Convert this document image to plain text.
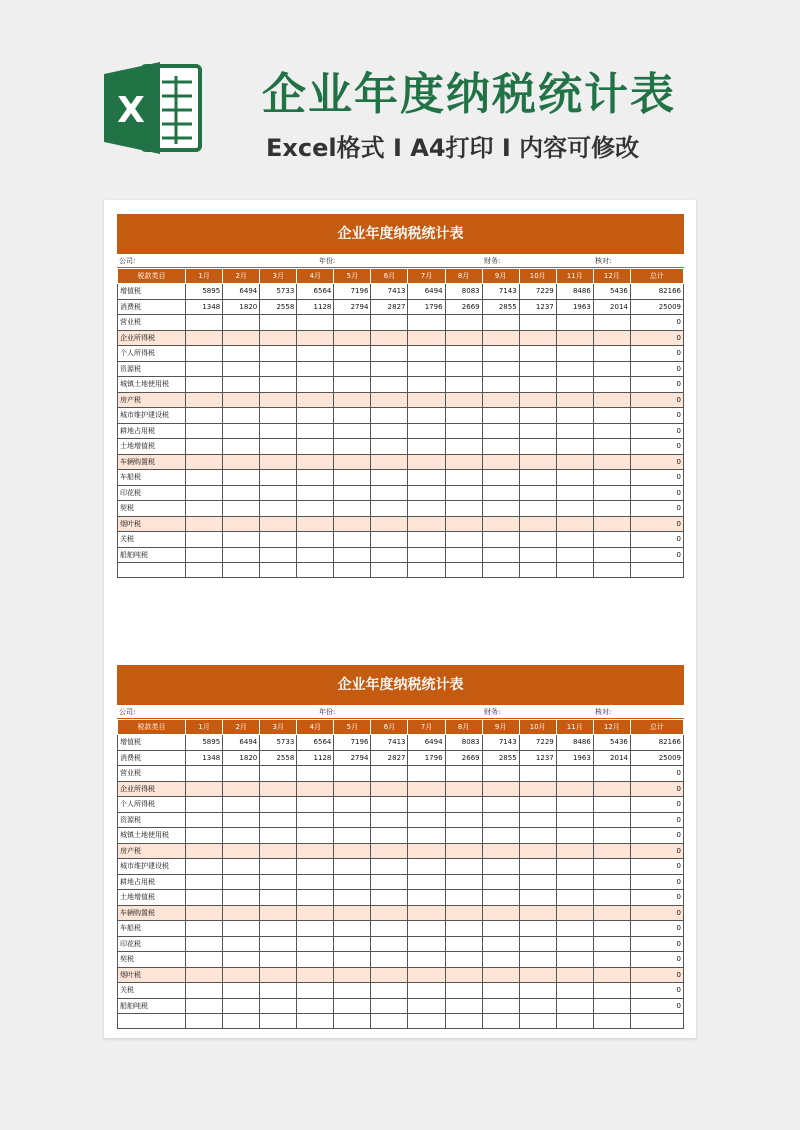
X	企业年度纳税统计表
Excel格式 I A4打印 I 内容可修改
企业年度纳税统计表
公司:	年份:	财务:	核对:
税款类目	1月	2月	3月	4月	5月	6月	7月	8月	9月	10月	11月	12月	总计
增值税	5895	6494	5733	6564	7196	7413	6494	8083	7143	7229	8486	5436	82166
消费税	1348	1820	2558	1128	2794	2827	1796	2669	2855	1237	1963	2014	25009
营业税													0
企业所得税													0
个人所得税													0
资源税													0
城镇土地使用税													0
房产税													0
城市维护建设税													0
耕地占用税													0
土地增值税													0
车辆购置税													0
车船税													0
印花税													0
契税													0
烟叶税													0
关税													0
船舶吨税													0

企业年度纳税统计表
公司:	年份:	财务:	核对:
税款类目	1月	2月	3月	4月	5月	6月	7月	8月	9月	10月	11月	12月	总计
增值税	5895	6494	5733	6564	7196	7413	6494	8083	7143	7229	8486	5436	82166
消费税	1348	1820	2558	1128	2794	2827	1796	2669	2855	1237	1963	2014	25009
营业税													0
企业所得税													0
个人所得税													0
资源税													0
城镇土地使用税													0
房产税													0
城市维护建设税													0
耕地占用税													0
土地增值税													0
车辆购置税													0
车船税													0
印花税													0
契税													0
烟叶税													0
关税													0
船舶吨税													0
